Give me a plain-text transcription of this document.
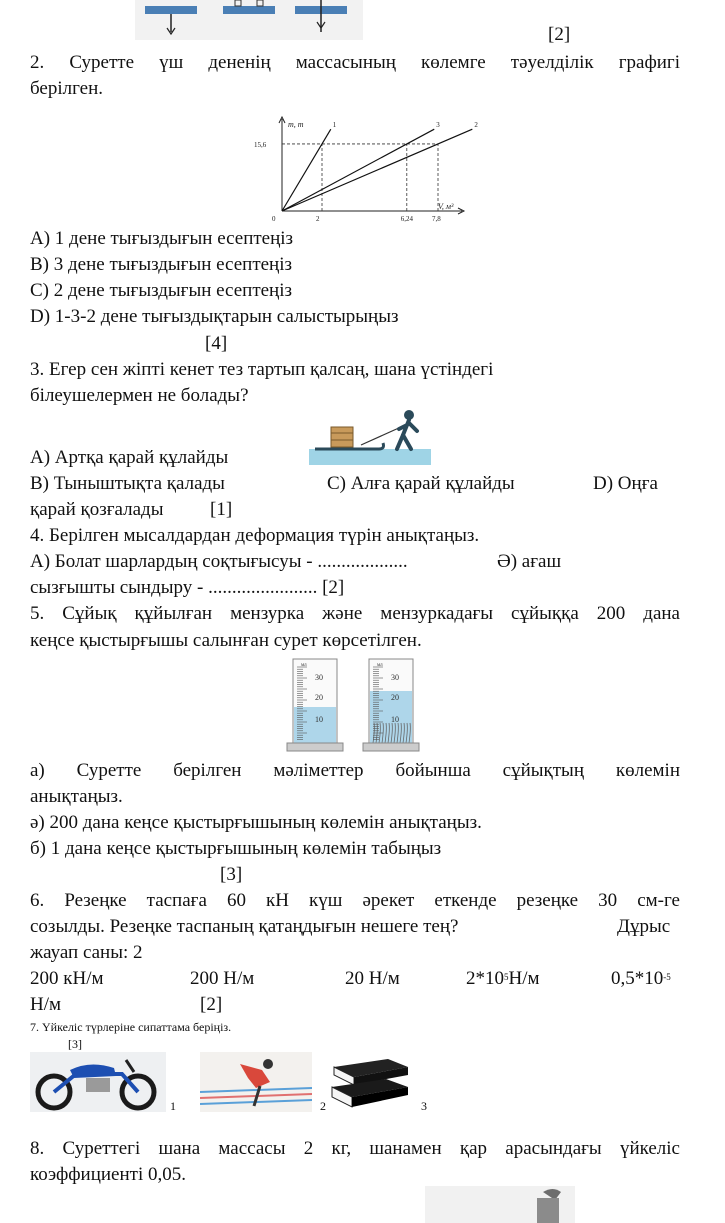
[2]
2. Суретте үш дененің массасының көлемге тәуелділік графигі
берілген.
m, т
V, м³
15,6
0	2	6,24	7,8
1	3	2
A) 1 дене тығыздығын есептеңіз
B) 3 дене тығыздығын есептеңіз
C) 2 дене тығыздығын есептеңіз
D) 1-3-2 дене тығыздықтарын салыстырыңыз
[4]
3. Егер сен жіпті кенет тез тартып қалсаң, шана үстіндегі
білеушелермен не болады?
A) Артқа қарай құлайды
B) Тыныштықта қалады	C) Алға қарай құлайды	D) Оңға
қарай қозғалады [1]
4. Берілген мысалдардан деформация түрін анықтаңыз.
A) Болат шарлардың соқтығысуы - ...................	Ә) ағаш
сызғышты сындыру - ....................... [2]
5. Сұйық құйылған мензурка және мензуркадағы сұйыққа 200 дана
кеңсе қыстырғышы салынған сурет көрсетілген.
мл
30
20
10
мл
30
20
10
а) Суретте берілген мәліметтер бойынша сұйықтың көлемін
анықтаңыз.
ә) 200 дана кеңсе қыстырғышының көлемін анықтаңыз.
б) 1 дана кеңсе қыстырғышының көлемін табыңыз
[3]
6. Резеңке таспаға 60 кН күш әрекет еткенде резеңке 30 см-ге
созылды. Резеңке таспаның қатаңдығын нешеге тең?	Дұрыс
жауап саны: 2
200 кН/м	200 Н/м	20 Н/м	$2*10^5Н/м$	$0,5*10^{-5}$
Н/м	[2]
7. Үйкеліс түрлеріне сипаттама беріңіз.
[3]
1	2	3
8. Суреттегі шана массасы 2 кг, шанамен қар арасындағы үйкеліс
коэффициенті 0,05.
